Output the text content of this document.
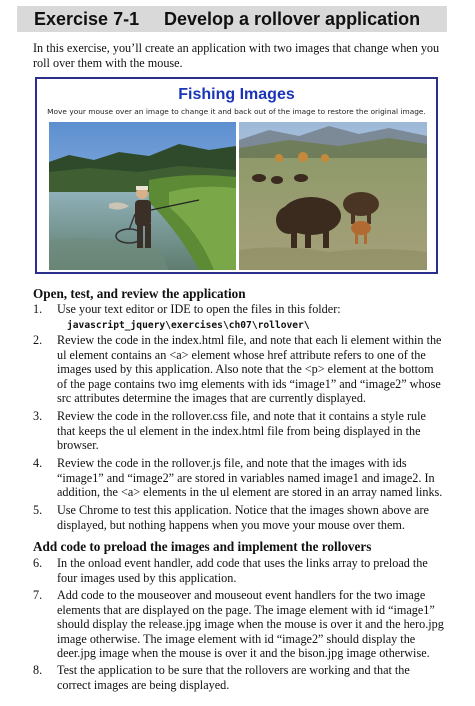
Exercise 7-1 Develop a rollover application
In this exercise, you’ll create an application with two images that change when you roll over them with the mouse.
Fishing Images
Move your mouse over an image to change it and back out of the image to restore the original image.
Open, test, and review the application
1.	Use your text editor or IDE to open the files in this folder:
javascript_jquery\exercises\ch07\rollover\
2.	Review the code in the index.html file, and note that each li element within the ul element contains an <a> element whose href attribute refers to one of the images used by this application. Also note that the <p> element at the bottom of the page contains two img elements with ids “image1” and “image2” whose src attributes determine the images that are currently displayed.
3.	Review the code in the rollover.css file, and note that it contains a style rule that keeps the ul element in the index.html file from being displayed in the browser.
4.	Review the code in the rollover.js file, and note that the images with ids “image1” and “image2” are stored in variables named image1 and image2. In addition, the <a> elements in the ul element are stored in an array named links.
5.	Use Chrome to test this application. Notice that the images shown above are displayed, but nothing happens when you move your mouse over them.
Add code to preload the images and implement the rollovers
6.	In the onload event handler, add code that uses the links array to preload the four images used by this application.
7.	Add code to the mouseover and mouseout event handlers for the two image elements that are displayed on the page. The image element with id “image1” should display the release.jpg image when the mouse is over it and the hero.jpg image otherwise. The image element with id “image2” should display the deer.jpg image when the mouse is over it and the bison.jpg image otherwise.
8.	Test the application to be sure that the rollovers are working and that the correct images are being displayed.
